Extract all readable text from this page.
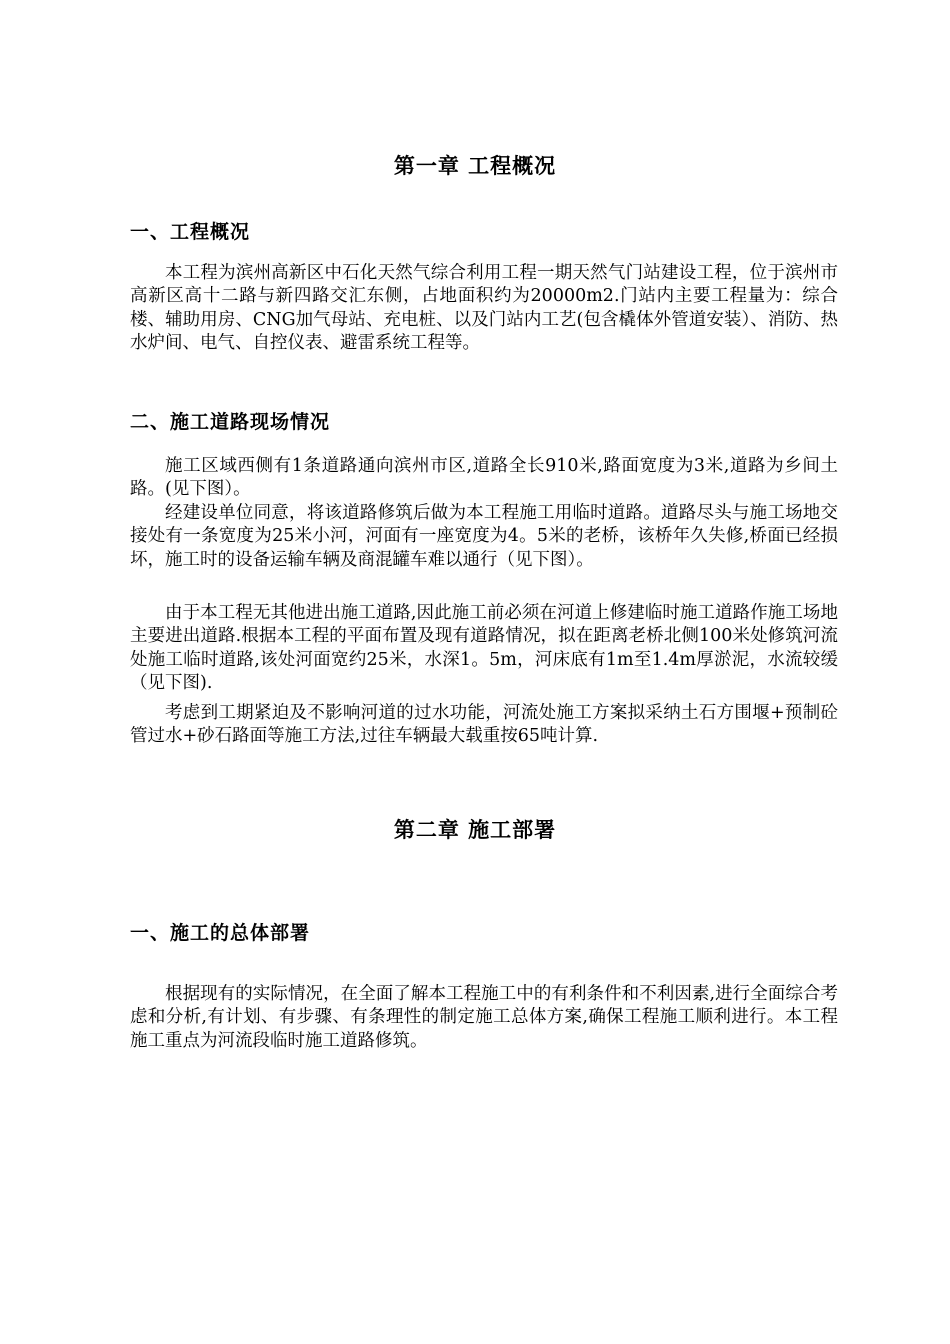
第一章 工程概况
一、工程概况

本工程为滨州高新区中石化天然气综合利用工程一期天然气门站建设工程，位于滨州市高新区高十二路与新四路交汇东侧，占地面积约为20000m2.门站内主要工程量为：综合楼、辅助用房、CNG加气母站、充电桩、以及门站内工艺(包含橇体外管道安装）、消防、热水炉间、电气、自控仪表、避雷系统工程等。

二、施工道路现场情况

施工区域西侧有1条道路通向滨州市区,道路全长910米,路面宽度为3米,道路为乡间土路。(见下图）。

经建设单位同意，将该道路修筑后做为本工程施工用临时道路。道路尽头与施工场地交接处有一条宽度为25米小河，河面有一座宽度为4。5米的老桥，该桥年久失修,桥面已经损坏，施工时的设备运输车辆及商混罐车难以通行（见下图）。

由于本工程无其他进出施工道路,因此施工前必须在河道上修建临时施工道路作施工场地主要进出道路.根据本工程的平面布置及现有道路情况，拟在距离老桥北侧100米处修筑河流处施工临时道路,该处河面宽约25米，水深1。5m，河床底有1m至1.4m厚淤泥，水流较缓（见下图).

考虑到工期紧迫及不影响河道的过水功能，河流处施工方案拟采纳土石方围堰+预制砼管过水+砂石路面等施工方法,过往车辆最大载重按65吨计算.

第二章 施工部署
一、施工的总体部署

根据现有的实际情况，在全面了解本工程施工中的有利条件和不利因素,进行全面综合考虑和分析,有计划、有步骤、有条理性的制定施工总体方案,确保工程施工顺利进行。本工程施工重点为河流段临时施工道路修筑。
